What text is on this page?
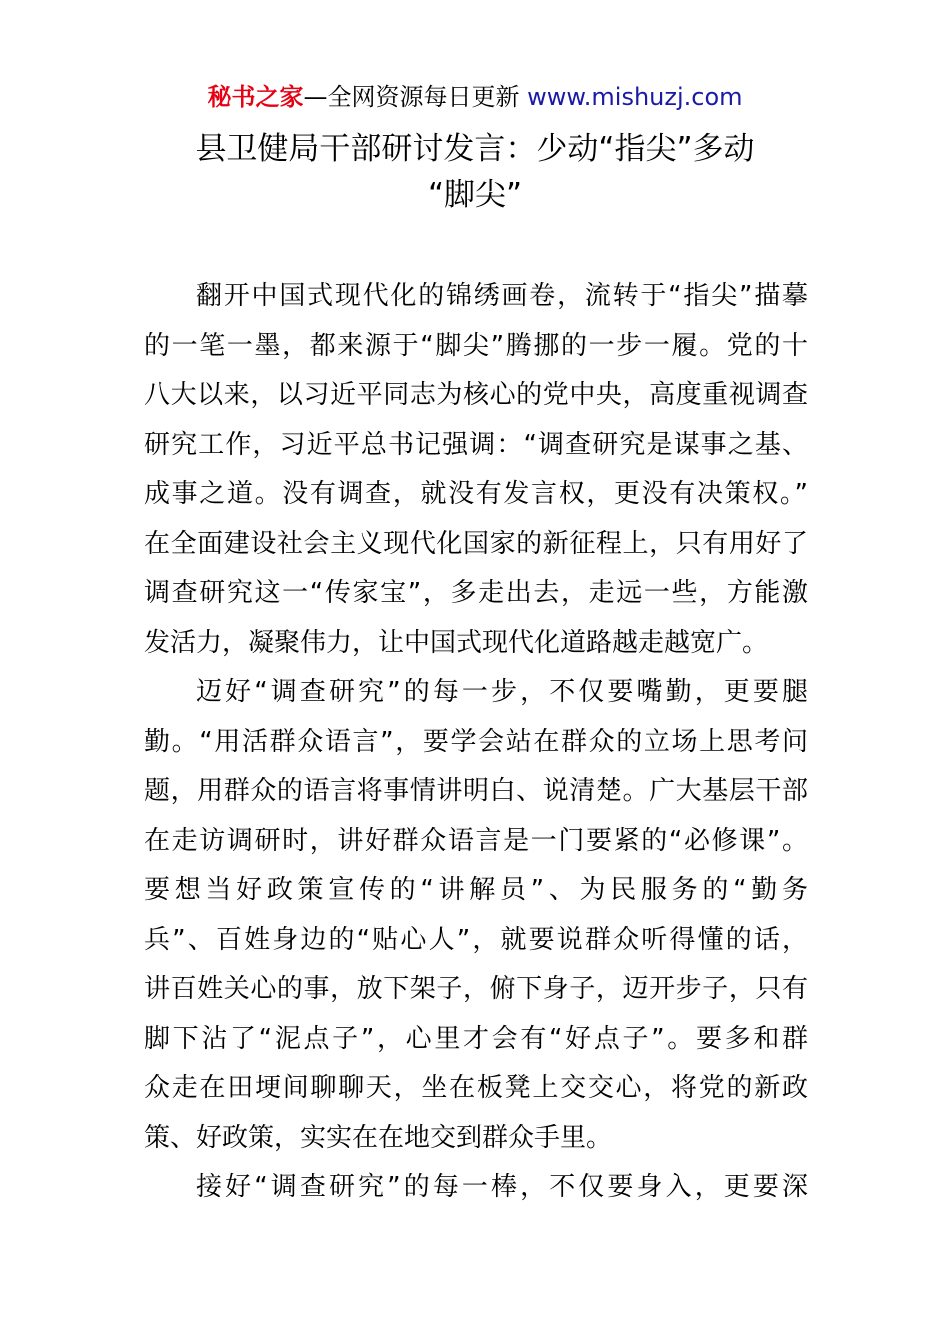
秘书之家—全网资源每日更新 www.mishuzj.com
县卫健局干部研讨发言：少动“指尖”多动
“脚尖”
翻开中国式现代化的锦绣画卷，流转于“指尖”描摹
的一笔一墨，都来源于“脚尖”腾挪的一步一履。党的十
八大以来，以习近平同志为核心的党中央，高度重视调查
研究工作，习近平总书记强调：“调查研究是谋事之基、
成事之道。没有调查，就没有发言权，更没有决策权。”
在全面建设社会主义现代化国家的新征程上，只有用好了
调查研究这一“传家宝”，多走出去，走远一些，方能激
发活力，凝聚伟力，让中国式现代化道路越走越宽广。
迈好“调查研究”的每一步，不仅要嘴勤，更要腿
勤。“用活群众语言”，要学会站在群众的立场上思考问
题，用群众的语言将事情讲明白、说清楚。广大基层干部
在走访调研时，讲好群众语言是一门要紧的“必修课”。
要想当好政策宣传的“讲解员”、为民服务的“勤务
兵”、百姓身边的“贴心人”，就要说群众听得懂的话，
讲百姓关心的事，放下架子，俯下身子，迈开步子，只有
脚下沾了“泥点子”，心里才会有“好点子”。要多和群
众走在田埂间聊聊天，坐在板凳上交交心，将党的新政
策、好政策，实实在在地交到群众手里。
接好“调查研究”的每一棒，不仅要身入，更要深
